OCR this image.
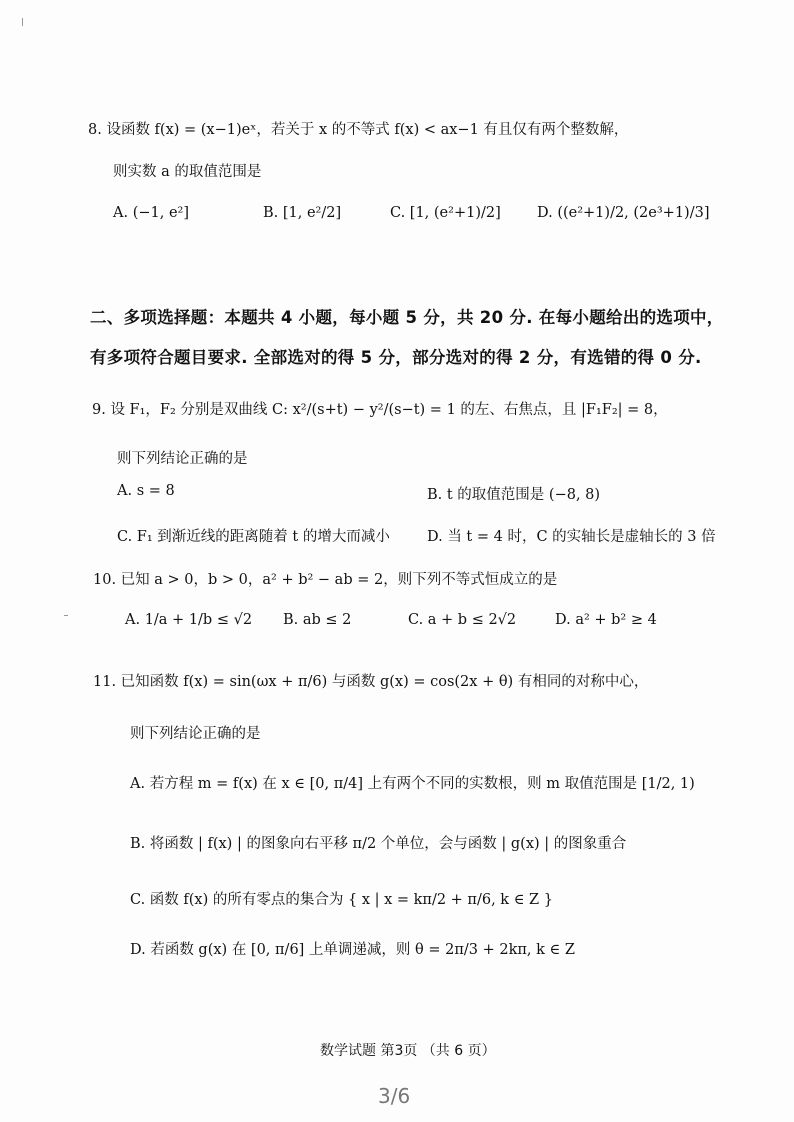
8. 设函数 f(x) = (x−1)eˣ，若关于 x 的不等式 f(x) < ax−1 有且仅有两个整数解，
则实数 a 的取值范围是
A. (−1, e²]	B. [1, e²/2]	C. [1, (e²+1)/2]	D. ((e²+1)/2, (2e³+1)/3]
二、多项选择题：本题共 4 小题，每小题 5 分，共 20 分. 在每小题给出的选项中，
有多项符合题目要求. 全部选对的得 5 分，部分选对的得 2 分，有选错的得 0 分.
9. 设 F₁，F₂ 分别是双曲线 C: x²/(s+t) − y²/(s−t) = 1 的左、右焦点，且 |F₁F₂| = 8，
则下列结论正确的是
A. s = 8	B. t 的取值范围是 (−8, 8)
C. F₁ 到渐近线的距离随着 t 的增大而减小	D. 当 t = 4 时，C 的实轴长是虚轴长的 3 倍
10. 已知 a > 0，b > 0，a² + b² − ab = 2，则下列不等式恒成立的是
A. 1/a + 1/b ≤ √2 B. ab ≤ 2	C. a + b ≤ 2√2	D. a² + b² ≥ 4
11. 已知函数 f(x) = sin(ωx + π/6) 与函数 g(x) = cos(2x + θ) 有相同的对称中心，
则下列结论正确的是
A. 若方程 m = f(x) 在 x ∈ [0, π/4] 上有两个不同的实数根，则 m 取值范围是 [1/2, 1)
B. 将函数 | f(x) | 的图象向右平移 π/2 个单位，会与函数 | g(x) | 的图象重合
C. 函数 f(x) 的所有零点的集合为 { x | x = kπ/2 + π/6, k ∈ Z }
D. 若函数 g(x) 在 [0, π/6] 上单调递减，则 θ = 2π/3 + 2kπ, k ∈ Z
数学试题 第3页 （共 6 页）
3/6
